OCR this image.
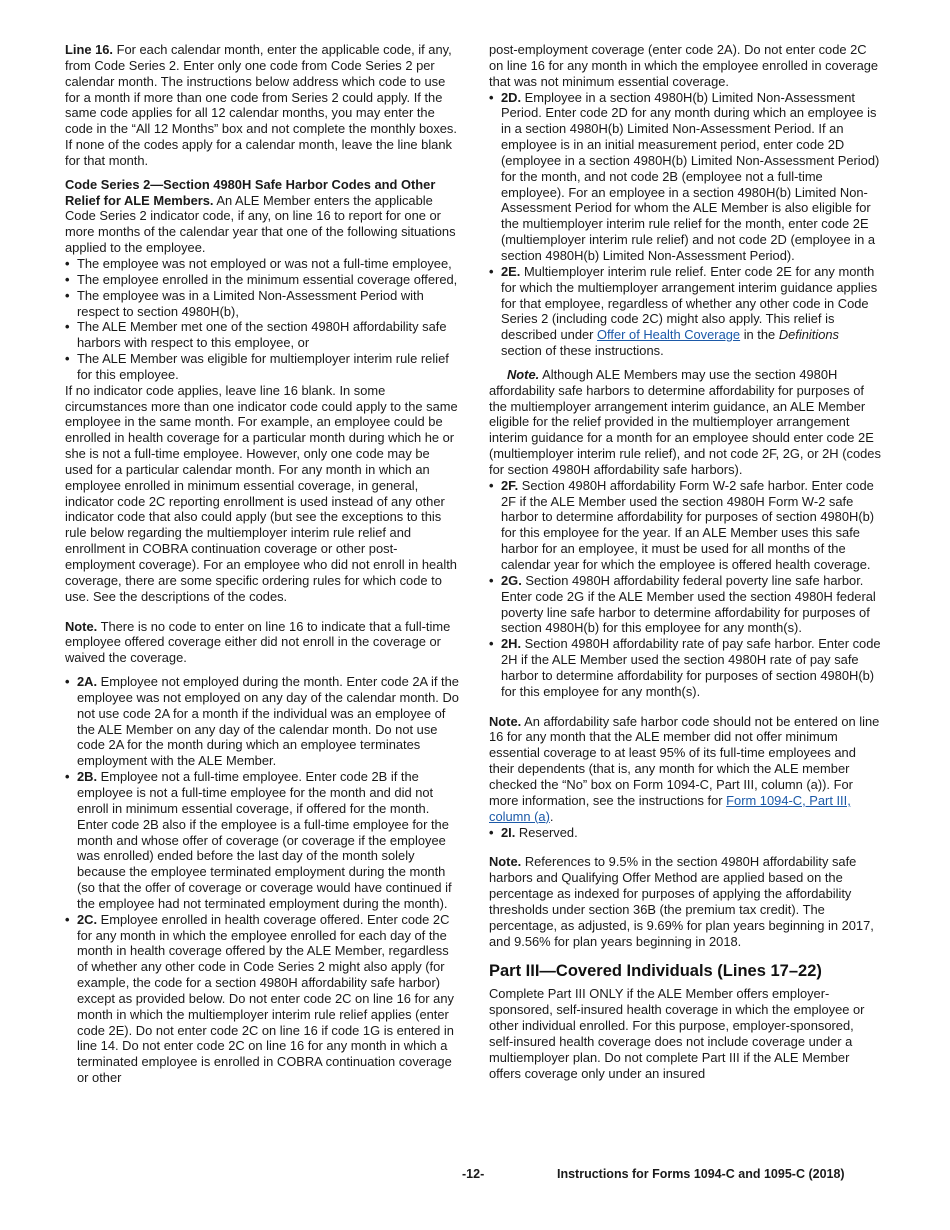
Line 16. For each calendar month, enter the applicable code, if any, from Code Series 2. Enter only one code from Code Series 2 per calendar month. The instructions below address which code to use for a month if more than one code from Series 2 could apply. If the same code applies for all 12 calendar months, you may enter the code in the “All 12 Months” box and not complete the monthly boxes. If none of the codes apply for a calendar month, leave the line blank for that month.

Code Series 2—Section 4980H Safe Harbor Codes and Other Relief for ALE Members. An ALE Member enters the applicable Code Series 2 indicator code, if any, on line 16 to report for one or more months of the calendar year that one of the following situations applied to the employee.

• The employee was not employed or was not a full-time employee,

• The employee enrolled in the minimum essential coverage offered,

• The employee was in a Limited Non-Assessment Period with respect to section 4980H(b),

• The ALE Member met one of the section 4980H affordability safe harbors with respect to this employee, or

• The ALE Member was eligible for multiemployer interim rule relief for this employee.

If no indicator code applies, leave line 16 blank. In some circumstances more than one indicator code could apply to the same employee in the same month. For example, an employee could be enrolled in health coverage for a particular month during which he or she is not a full-time employee. However, only one code may be used for a particular calendar month. For any month in which an employee enrolled in minimum essential coverage, in general, indicator code 2C reporting enrollment is used instead of any other indicator code that also could apply (but see the exceptions to this rule below regarding the multiemployer interim rule relief and enrollment in COBRA continuation coverage or other post-employment coverage). For an employee who did not enroll in health coverage, there are some specific ordering rules for which code to use. See the descriptions of the codes.

Note. There is no code to enter on line 16 to indicate that a full-time employee offered coverage either did not enroll in the coverage or waived the coverage.

• 2A. Employee not employed during the month. Enter code 2A if the employee was not employed on any day of the calendar month. Do not use code 2A for a month if the individual was an employee of the ALE Member on any day of the calendar month. Do not use code 2A for the month during which an employee terminates employment with the ALE Member.

• 2B. Employee not a full-time employee. Enter code 2B if the employee is not a full-time employee for the month and did not enroll in minimum essential coverage, if offered for the month. Enter code 2B also if the employee is a full-time employee for the month and whose offer of coverage (or coverage if the employee was enrolled) ended before the last day of the month solely because the employee terminated employment during the month (so that the offer of coverage or coverage would have continued if the employee had not terminated employment during the month).

• 2C. Employee enrolled in health coverage offered. Enter code 2C for any month in which the employee enrolled for each day of the month in health coverage offered by the ALE Member, regardless of whether any other code in Code Series 2 might also apply (for example, the code for a section 4980H affordability safe harbor) except as provided below. Do not enter code 2C on line 16 for any month in which the multiemployer interim rule relief applies (enter code 2E). Do not enter code 2C on line 16 if code 1G is entered in line 14. Do not enter code 2C on line 16 for any month in which a terminated employee is enrolled in COBRA continuation coverage or other

post-employment coverage (enter code 2A). Do not enter code 2C on line 16 for any month in which the employee enrolled in coverage that was not minimum essential coverage.

• 2D. Employee in a section 4980H(b) Limited Non-Assessment Period. Enter code 2D for any month during which an employee is in a section 4980H(b) Limited Non-Assessment Period. If an employee is in an initial measurement period, enter code 2D (employee in a section 4980H(b) Limited Non-Assessment Period) for the month, and not code 2B (employee not a full-time employee). For an employee in a section 4980H(b) Limited Non-Assessment Period for whom the ALE Member is also eligible for the multiemployer interim rule relief for the month, enter code 2E (multiemployer interim rule relief) and not code 2D (employee in a section 4980H(b) Limited Non-Assessment Period).

• 2E. Multiemployer interim rule relief. Enter code 2E for any month for which the multiemployer arrangement interim guidance applies for that employee, regardless of whether any other code in Code Series 2 (including code 2C) might also apply. This relief is described under Offer of Health Coverage in the Definitions section of these instructions.

Note. Although ALE Members may use the section 4980H affordability safe harbors to determine affordability for purposes of the multiemployer arrangement interim guidance, an ALE Member eligible for the relief provided in the multiemployer arrangement interim guidance for a month for an employee should enter code 2E (multiemployer interim rule relief), and not code 2F, 2G, or 2H (codes for section 4980H affordability safe harbors).

• 2F. Section 4980H affordability Form W-2 safe harbor. Enter code 2F if the ALE Member used the section 4980H Form W-2 safe harbor to determine affordability for purposes of section 4980H(b) for this employee for the year. If an ALE Member uses this safe harbor for an employee, it must be used for all months of the calendar year for which the employee is offered health coverage.

• 2G. Section 4980H affordability federal poverty line safe harbor. Enter code 2G if the ALE Member used the section 4980H federal poverty line safe harbor to determine affordability for purposes of section 4980H(b) for this employee for any month(s).

• 2H. Section 4980H affordability rate of pay safe harbor. Enter code 2H if the ALE Member used the section 4980H rate of pay safe harbor to determine affordability for purposes of section 4980H(b) for this employee for any month(s).

Note. An affordability safe harbor code should not be entered on line 16 for any month that the ALE member did not offer minimum essential coverage to at least 95% of its full-time employees and their dependents (that is, any month for which the ALE member checked the “No” box on Form 1094-C, Part III, column (a)). For more information, see the instructions for Form 1094-C, Part III, column (a).

• 2I. Reserved.

Note. References to 9.5% in the section 4980H affordability safe harbors and Qualifying Offer Method are applied based on the percentage as indexed for purposes of applying the affordability thresholds under section 36B (the premium tax credit). The percentage, as adjusted, is 9.69% for plan years beginning in 2017, and 9.56% for plan years beginning in 2018.

Part III—Covered Individuals (Lines 17–22)

Complete Part III ONLY if the ALE Member offers employer-sponsored, self-insured health coverage in which the employee or other individual enrolled. For this purpose, employer-sponsored, self-insured health coverage does not include coverage under a multiemployer plan. Do not complete Part III if the ALE Member offers coverage only under an insured

-12-	Instructions for Forms 1094-C and 1095-C (2018)
